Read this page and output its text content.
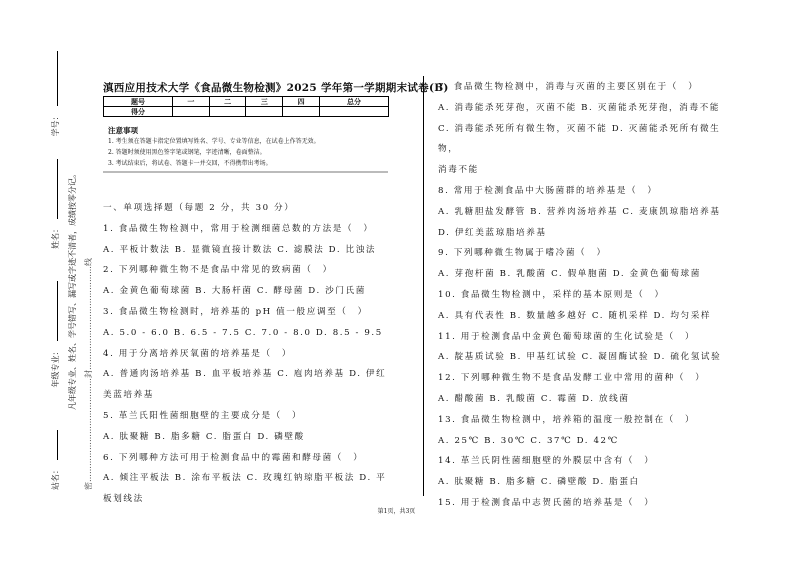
站名： 年级专业： 姓名： 学号：
凡年级专业、姓名、学号错写、漏写或字迹不清者，成绩按零分记。 密…………………………………封…………………………………线
滇西应用技术大学《食品微生物检测》2025 学年第一学期期末试卷(B)
题号	一	二	三	四	总分
得分					
注意事项
1. 考生须在答题卡指定位置填写姓名、学号、专业等信息，在试卷上作答无效。
2. 答题时须使用黑色签字笔或钢笔，字迹清晰，卷面整洁。
3. 考试结束后，将试卷、答题卡一并交回，不得携带出考场。
一、单项选择题（每题 2 分，共 30 分）
1. 食品微生物检测中，常用于检测细菌总数的方法是（　）
A. 平板计数法 B. 显微镜直接计数法 C. 滤膜法 D. 比浊法
2. 下列哪种微生物不是食品中常见的致病菌（　）
A. 金黄色葡萄球菌 B. 大肠杆菌 C. 酵母菌 D. 沙门氏菌
3. 食品微生物检测时，培养基的 pH 值一般应调至（　）
A. 5.0 - 6.0 B. 6.5 - 7.5 C. 7.0 - 8.0 D. 8.5 - 9.5
4. 用于分离培养厌氧菌的培养基是（　）
A. 普通肉汤培养基 B. 血平板培养基 C. 庖肉培养基 D. 伊红
美蓝培养基
5. 革兰氏阳性菌细胞壁的主要成分是（　）
A. 肽聚糖 B. 脂多糖 C. 脂蛋白 D. 磷壁酸
6. 下列哪种方法可用于检测食品中的霉菌和酵母菌（　）
A. 倾注平板法 B. 涂布平板法 C. 玫瑰红钠琼脂平板法 D. 平
板划线法
7. 食品微生物检测中，消毒与灭菌的主要区别在于（　）
A. 消毒能杀死芽孢，灭菌不能 B. 灭菌能杀死芽孢，消毒不能
C. 消毒能杀死所有微生物，灭菌不能 D. 灭菌能杀死所有微生物，
消毒不能
8. 常用于检测食品中大肠菌群的培养基是（　）
A. 乳糖胆盐发酵管 B. 营养肉汤培养基 C. 麦康凯琼脂培养基
D. 伊红美蓝琼脂培养基
9. 下列哪种微生物属于嗜冷菌（　）
A. 芽孢杆菌 B. 乳酸菌 C. 假单胞菌 D. 金黄色葡萄球菌
10. 食品微生物检测中，采样的基本原则是（　）
A. 具有代表性 B. 数量越多越好 C. 随机采样 D. 均匀采样
11. 用于检测食品中金黄色葡萄球菌的生化试验是（　）
A. 靛基质试验 B. 甲基红试验 C. 凝固酶试验 D. 硫化氢试验
12. 下列哪种微生物不是食品发酵工业中常用的菌种（　）
A. 醋酸菌 B. 乳酸菌 C. 霉菌 D. 放线菌
13. 食品微生物检测中，培养箱的温度一般控制在（　）
A. 25℃ B. 30℃ C. 37℃ D. 42℃
14. 革兰氏阴性菌细胞壁的外膜层中含有（　）
A. 肽聚糖 B. 脂多糖 C. 磷壁酸 D. 脂蛋白
15. 用于检测食品中志贺氏菌的培养基是（　）
第1页，共3页
